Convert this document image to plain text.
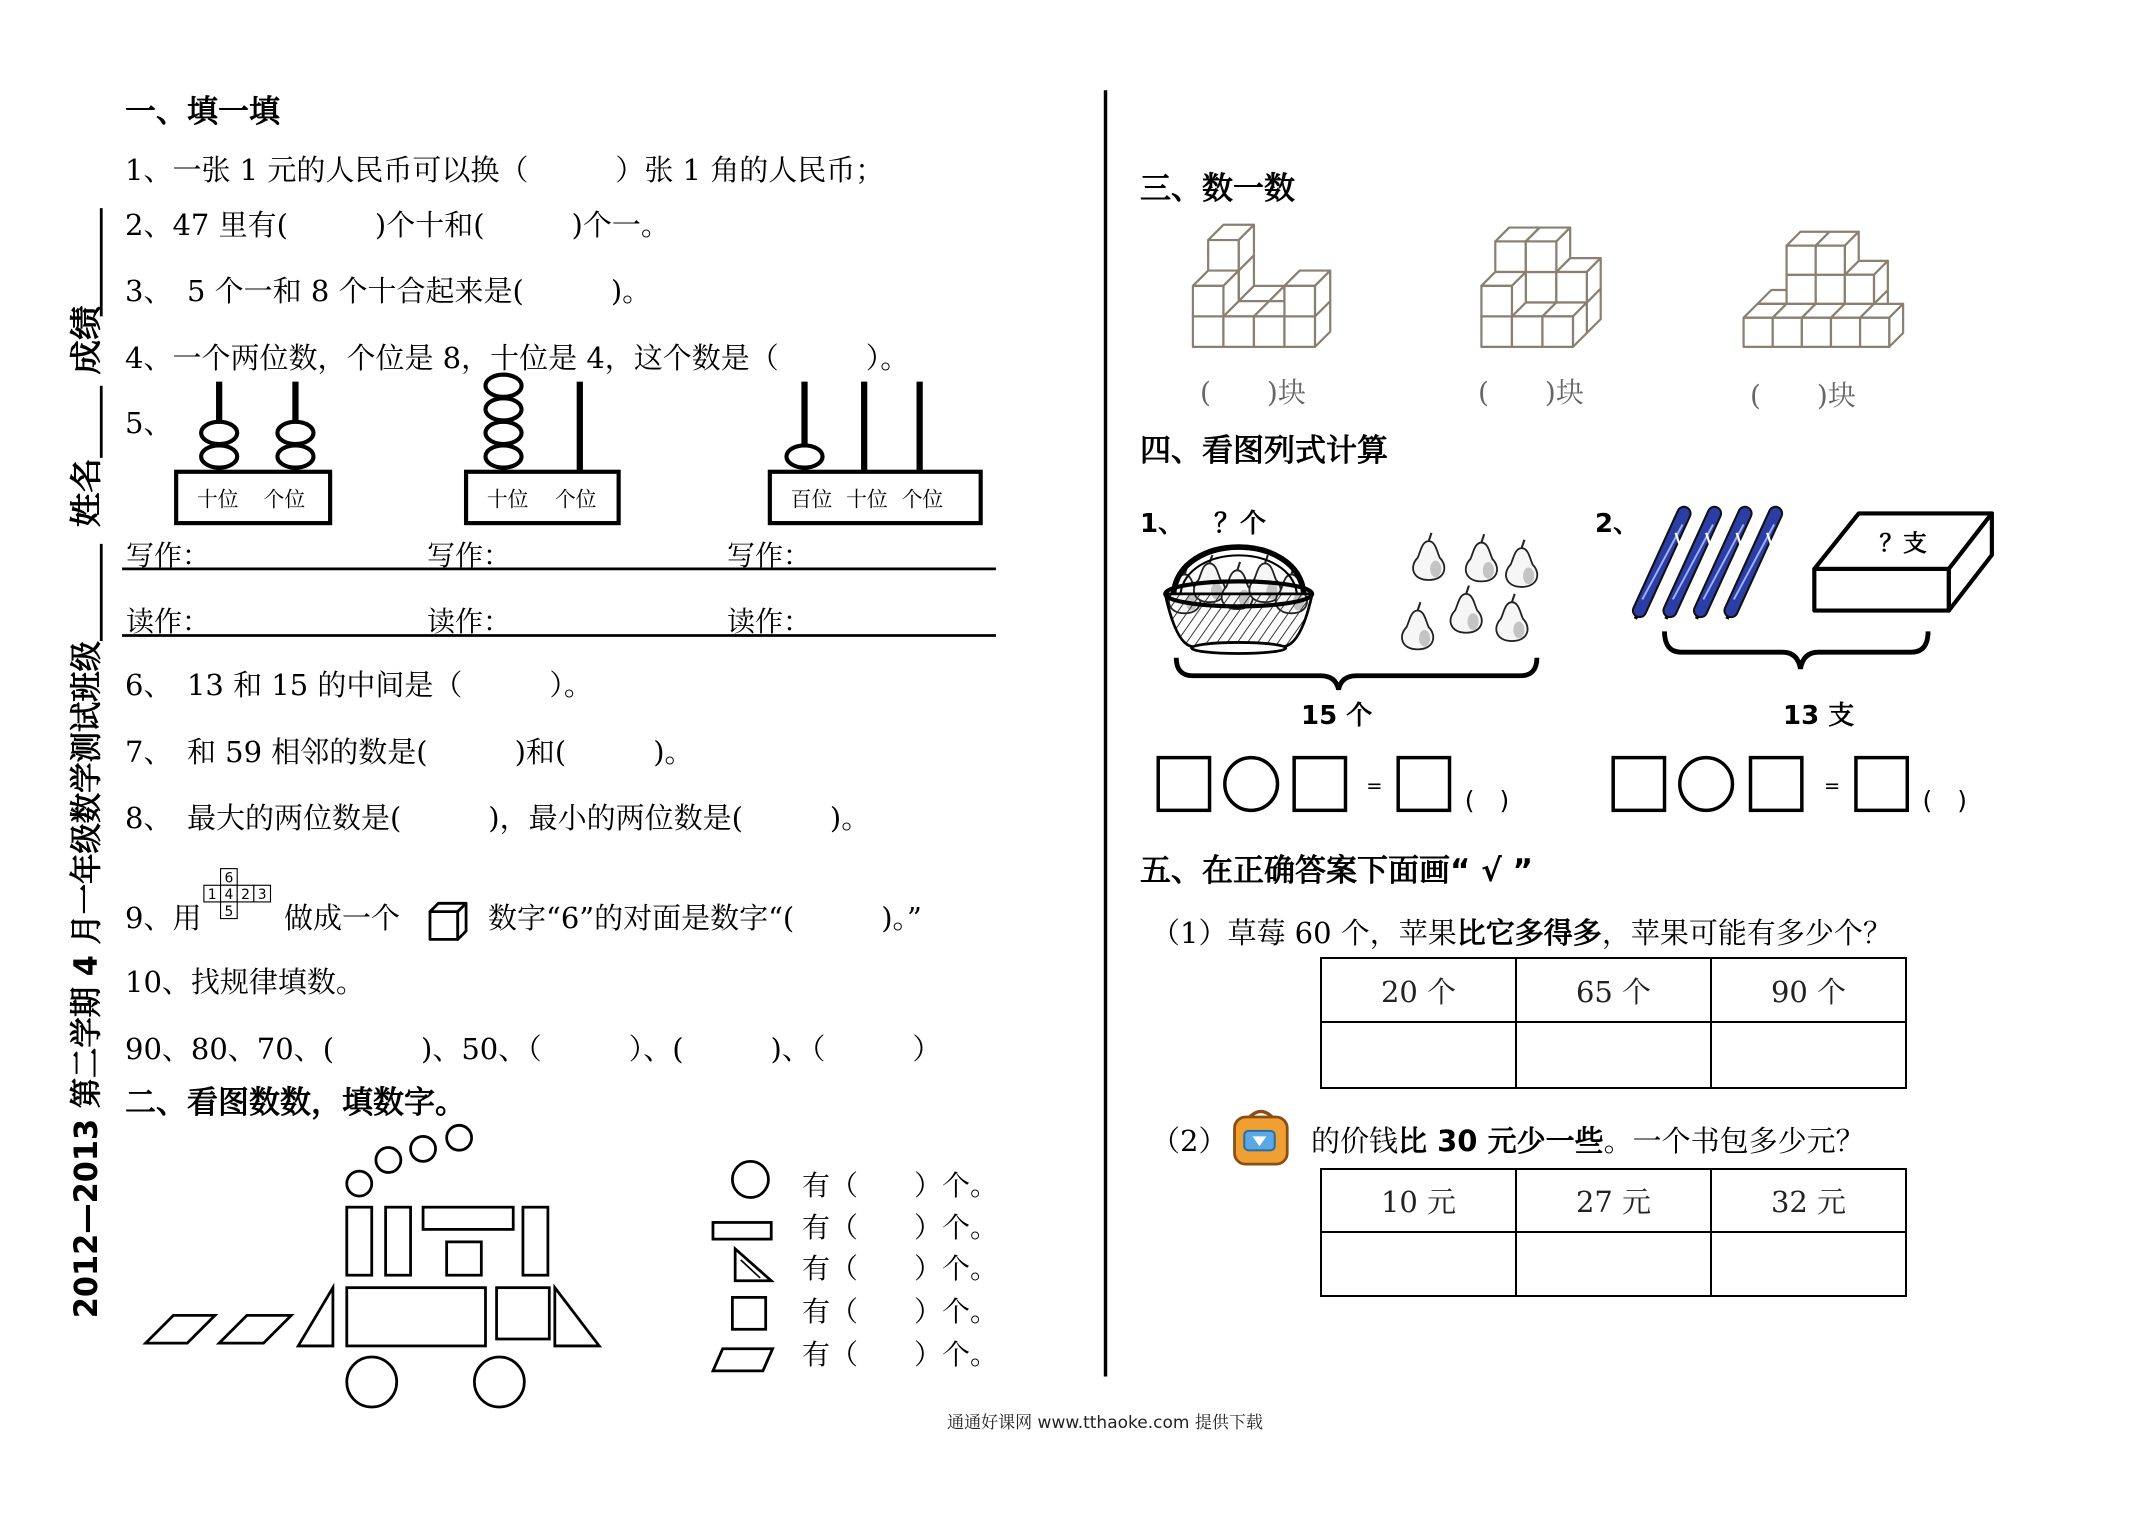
2012—2013 第二学期 4 月一年级数学测试班级
姓名
成绩
十位 个位	十位 个位	百位 十位 个位
6
1 4 2 3
5
=
(　)
？支
=
(　)
一、填一填
1、一张 1 元的人民币可以换（　　　）张 1 角的人民币；
2、47 里有(　　　)个十和(　　　)个一。
3、　5 个一和 8 个十合起来是(　　　)。
4、一个两位数，个位是 8，十位是 4，这个数是（　　　）。
5、
写作：	写作：	写作：
读作：	读作：	读作：
6、　13 和 15 的中间是（　　　）。
7、　和 59 相邻的数是(　　　)和(　　　)。
8、　最大的两位数是(　　　)，最小的两位数是(　　　)。
9、用	做成一个	数字“6”的对面是数字“(　　　)。”
10、找规律填数。
90、80、70、(　　　)、50、（　　　）、(　　　)、（　　　）
二、看图数数，填数字。
有（　　）个。
有（　　）个。
有（　　）个。
有（　　）个。
有（　　）个。
三、数一数
(　　)块	(　　)块	(　　)块
四、看图列式计算
1、 ？个	2、
15 个	13 支
五、在正确答案下面画“ √ ”
（1）草莓 60 个，苹果比它多得多，苹果可能有多少个？
20 个	65 个	90 个

（2）	的价钱比 30 元少一些。一个书包多少元？
10 元	27 元	32 元

通通好课网 www.tthaoke.com 提供下载
